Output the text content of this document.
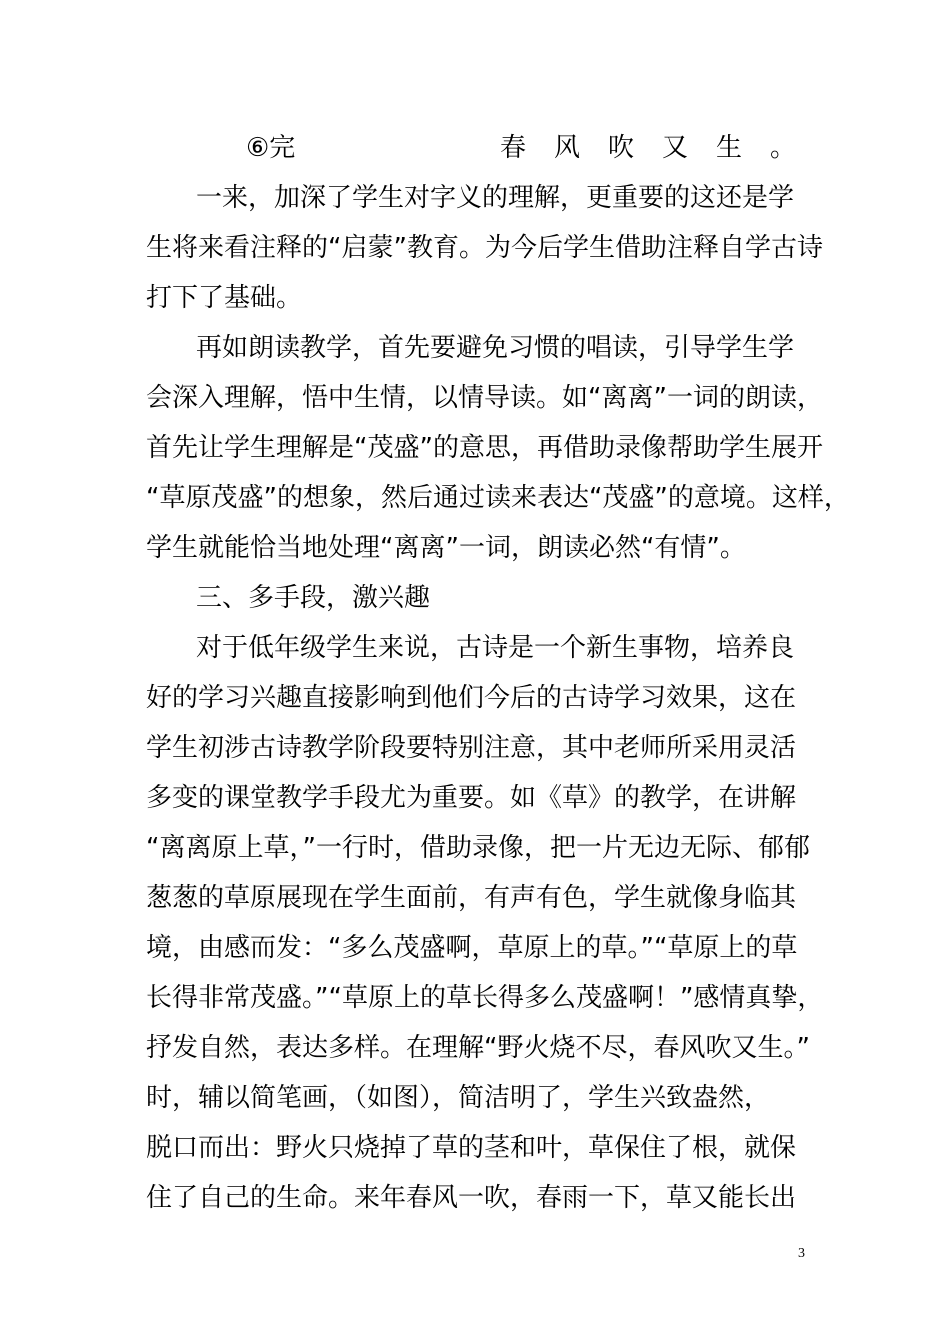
⑥完	春风吹又生。
一来，加深了学生对字义的理解，更重要的这还是学
生将来看注释的“启蒙”教育。为今后学生借助注释自学古诗
打下了基础。
再如朗读教学，首先要避免习惯的唱读，引导学生学
会深入理解，悟中生情，以情导读。如“离离”一词的朗读，
首先让学生理解是“茂盛”的意思，再借助录像帮助学生展开
“草原茂盛”的想象，然后通过读来表达“茂盛”的意境。这样，
学生就能恰当地处理“离离”一词，朗读必然“有情”。
三、多手段，激兴趣
对于低年级学生来说，古诗是一个新生事物，培养良
好的学习兴趣直接影响到他们今后的古诗学习效果，这在
学生初涉古诗教学阶段要特别注意，其中老师所采用灵活
多变的课堂教学手段尤为重要。如《草》的教学，在讲解
“离离原上草，”一行时，借助录像，把一片无边无际、郁郁
葱葱的草原展现在学生面前，有声有色，学生就像身临其
境，由感而发：“多么茂盛啊，草原上的草。”“草原上的草
长得非常茂盛。”“草原上的草长得多么茂盛啊！”感情真挚，
抒发自然，表达多样。在理解“野火烧不尽，春风吹又生。”
时，辅以简笔画，（如图），简洁明了，学生兴致盎然，
脱口而出：野火只烧掉了草的茎和叶，草保住了根，就保
住了自己的生命。来年春风一吹，春雨一下，草又能长出
3
